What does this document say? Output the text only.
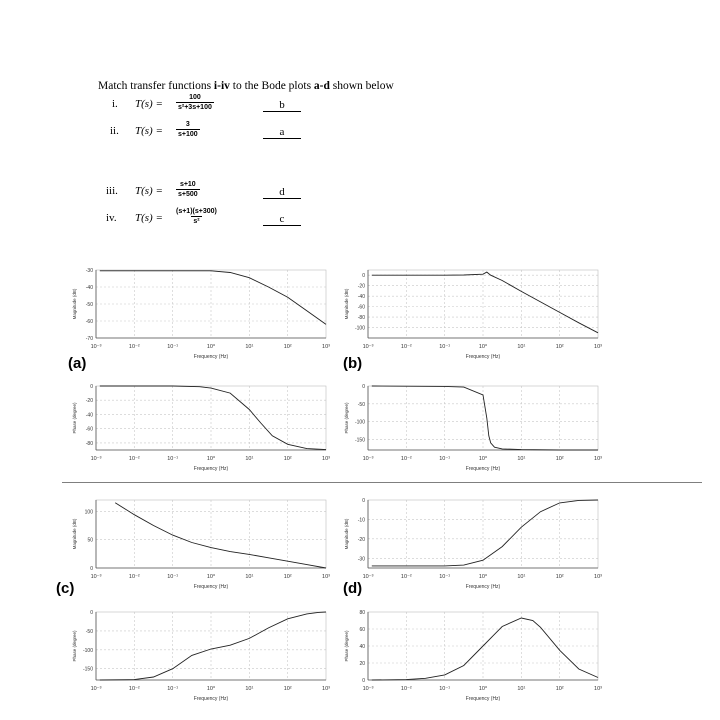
Match transfer functions i-iv to the Bode plots a-d shown below
i. $T(s) = \frac{100}{\text{s²+3s+100}}$	b
ii. $T(s) = \frac{3}{s+100}$	a
iii. $T(s) = \frac{s+10}{s+500}$	d
iv. $T(s) = \frac{(s+1)(s+300)}{\text{s²}}$	c
10⁻³	10⁻²	10⁻¹	10⁰	10¹	10²	10³
-30
-40
-50
-60
-70
Frequency (Hz)
Magnitude (dB)
10⁻³	10⁻²	10⁻¹	10⁰	10¹	10²	10³
0
-20
-40
-60
-80
Frequency (Hz)
Phase (degree)
10⁻³	10⁻²	10⁻¹	10⁰	10¹	10²	10³
0
-20
-40
-60
-80
-100
Frequency (Hz)
Magnitude (dB)
10⁻³	10⁻²	10⁻¹	10⁰	10¹	10²	10³
0
-50
-100
-150
Frequency (Hz)
Phase (degree)
10⁻³	10⁻²	10⁻¹	10⁰	10¹	10²	10³
100
50
0
Frequency (Hz)
Magnitude (dB)
10⁻³	10⁻²	10⁻¹	10⁰	10¹	10²	10³
0
-50
-100
-150
Frequency (Hz)
Phase (degree)
10⁻³	10⁻²	10⁻¹	10⁰	10¹	10²	10³
0
-10
-20
-30
Frequency (Hz)
Magnitude (dB)
10⁻³	10⁻²	10⁻¹	10⁰	10¹	10²	10³
80
60
40
20
0
Frequency (Hz)
Phase (degree)
(a)	(b)
(c)	(d)
